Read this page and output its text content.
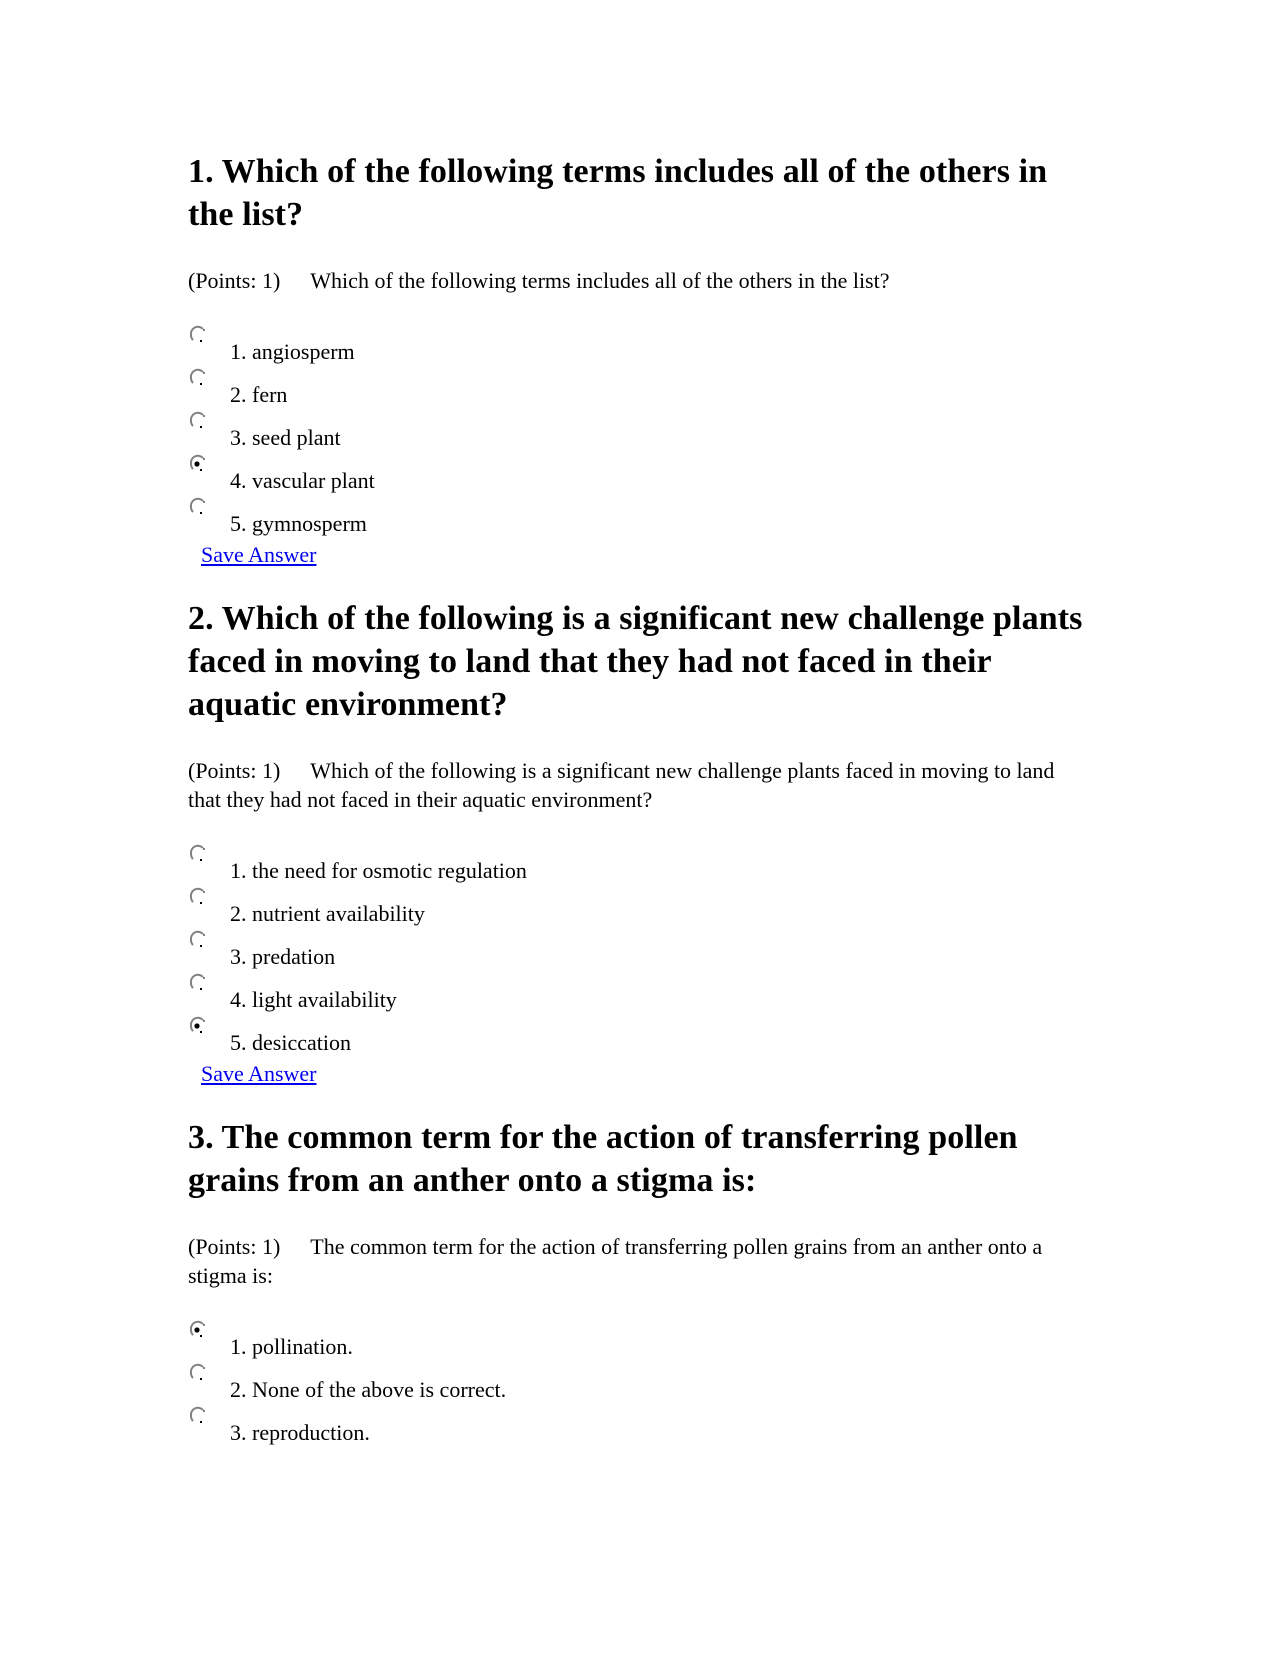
1. Which of the following terms includes all of the others in the list?

(Points: 1) Which of the following terms includes all of the others in the list?

1. angiosperm
2. fern
3. seed plant
4. vascular plant
5. gymnosperm
Save Answer
2. Which of the following is a significant new challenge plants faced in moving to land that they had not faced in their aquatic environment?

(Points: 1) Which of the following is a significant new challenge plants faced in moving to land that they had not faced in their aquatic environment?

1. the need for osmotic regulation
2. nutrient availability
3. predation
4. light availability
5. desiccation
Save Answer
3. The common term for the action of transferring pollen grains from an anther onto a stigma is:

(Points: 1) The common term for the action of transferring pollen grains from an anther onto a stigma is:

1. pollination.
2. None of the above is correct.
3. reproduction.
